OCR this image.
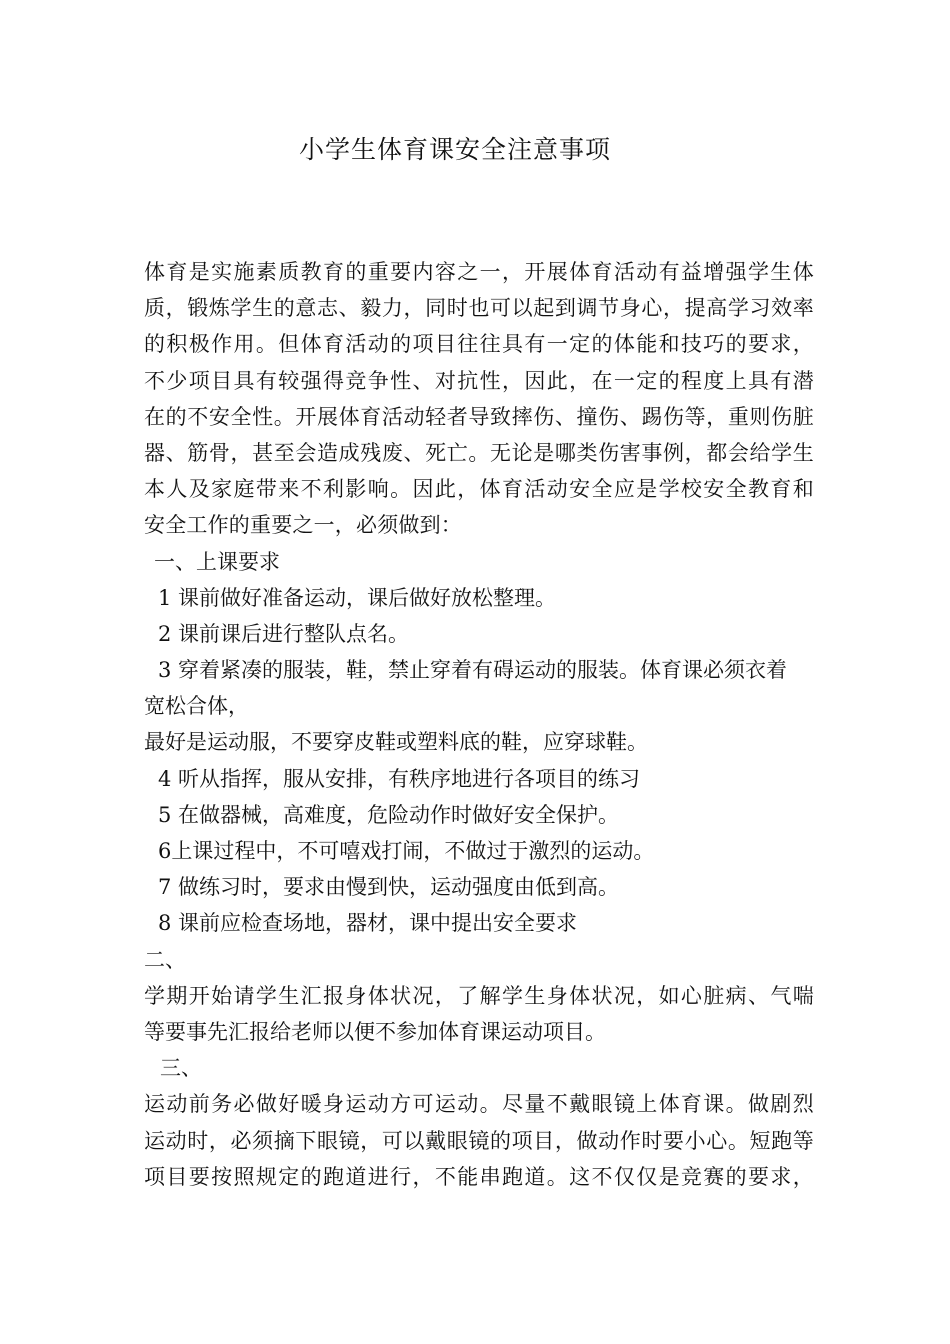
小学生体育课安全注意事项
体育是实施素质教育的重要内容之一，开展体育活动有益增强学生体
质，锻炼学生的意志、毅力，同时也可以起到调节身心，提高学习效率
的积极作用。但体育活动的项目往往具有一定的体能和技巧的要求，
不少项目具有较强得竞争性、对抗性，因此，在一定的程度上具有潜
在的不安全性。开展体育活动轻者导致摔伤、撞伤、踢伤等，重则伤脏
器、筋骨，甚至会造成残废、死亡。无论是哪类伤害事例，都会给学生
本人及家庭带来不利影响。因此，体育活动安全应是学校安全教育和
安全工作的重要之一，必须做到：
一、上课要求
1 课前做好准备运动，课后做好放松整理。
2 课前课后进行整队点名。
3 穿着紧凑的服装，鞋，禁止穿着有碍运动的服装。体育课必须衣着
宽松合体，
最好是运动服，不要穿皮鞋或塑料底的鞋，应穿球鞋。
4 听从指挥，服从安排，有秩序地进行各项目的练习
5 在做器械，高难度，危险动作时做好安全保护。
6上课过程中，不可嘻戏打闹，不做过于激烈的运动。
7 做练习时，要求由慢到快，运动强度由低到高。
8 课前应检查场地，器材，课中提出安全要求
二、
学期开始请学生汇报身体状况，了解学生身体状况，如心脏病、气喘
等要事先汇报给老师以便不参加体育课运动项目。
三、
运动前务必做好暖身运动方可运动。尽量不戴眼镜上体育课。做剧烈
运动时，必须摘下眼镜，可以戴眼镜的项目，做动作时要小心。短跑等
项目要按照规定的跑道进行，不能串跑道。这不仅仅是竞赛的要求，
